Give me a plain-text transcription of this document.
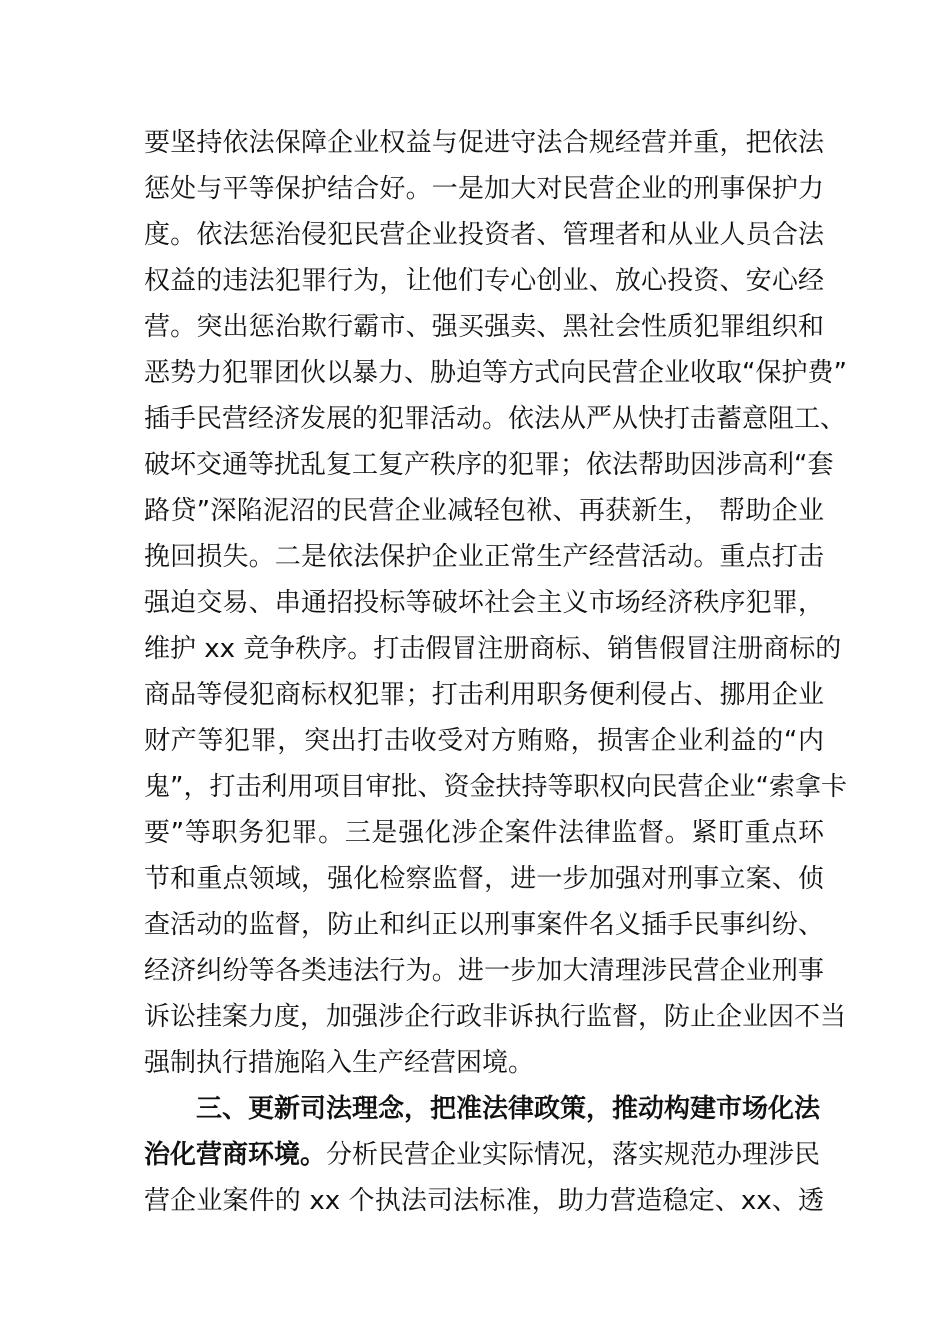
要坚持依法保障企业权益与促进守法合规经营并重，把依法
惩处与平等保护结合好。一是加大对民营企业的刑事保护力
度。依法惩治侵犯民营企业投资者、管理者和从业人员合法
权益的违法犯罪行为，让他们专心创业、放心投资、安心经
营。突出惩治欺行霸市、强买强卖、黑社会性质犯罪组织和
恶势力犯罪团伙以暴力、胁迫等方式向民营企业收取“保护费”
插手民营经济发展的犯罪活动。依法从严从快打击蓄意阻工、
破坏交通等扰乱复工复产秩序的犯罪；依法帮助因涉高利“套
路贷”深陷泥沼的民营企业减轻包袱、再获新生， 帮助企业
挽回损失。二是依法保护企业正常生产经营活动。重点打击
强迫交易、串通招投标等破坏社会主义市场经济秩序犯罪，
维护 xx 竞争秩序。打击假冒注册商标、销售假冒注册商标的
商品等侵犯商标权犯罪；打击利用职务便利侵占、挪用企业
财产等犯罪，突出打击收受对方贿赂，损害企业利益的“内
鬼”，打击利用项目审批、资金扶持等职权向民营企业“索拿卡
要”等职务犯罪。三是强化涉企案件法律监督。紧盯重点环
节和重点领域，强化检察监督，进一步加强对刑事立案、侦
查活动的监督，防止和纠正以刑事案件名义插手民事纠纷、
经济纠纷等各类违法行为。进一步加大清理涉民营企业刑事
诉讼挂案力度，加强涉企行政非诉执行监督，防止企业因不当
强制执行措施陷入生产经营困境。
三、更新司法理念，把准法律政策，推动构建市场化法
治化营商环境。分析民营企业实际情况，落实规范办理涉民
营企业案件的 xx 个执法司法标准，助力营造稳定、xx、透
